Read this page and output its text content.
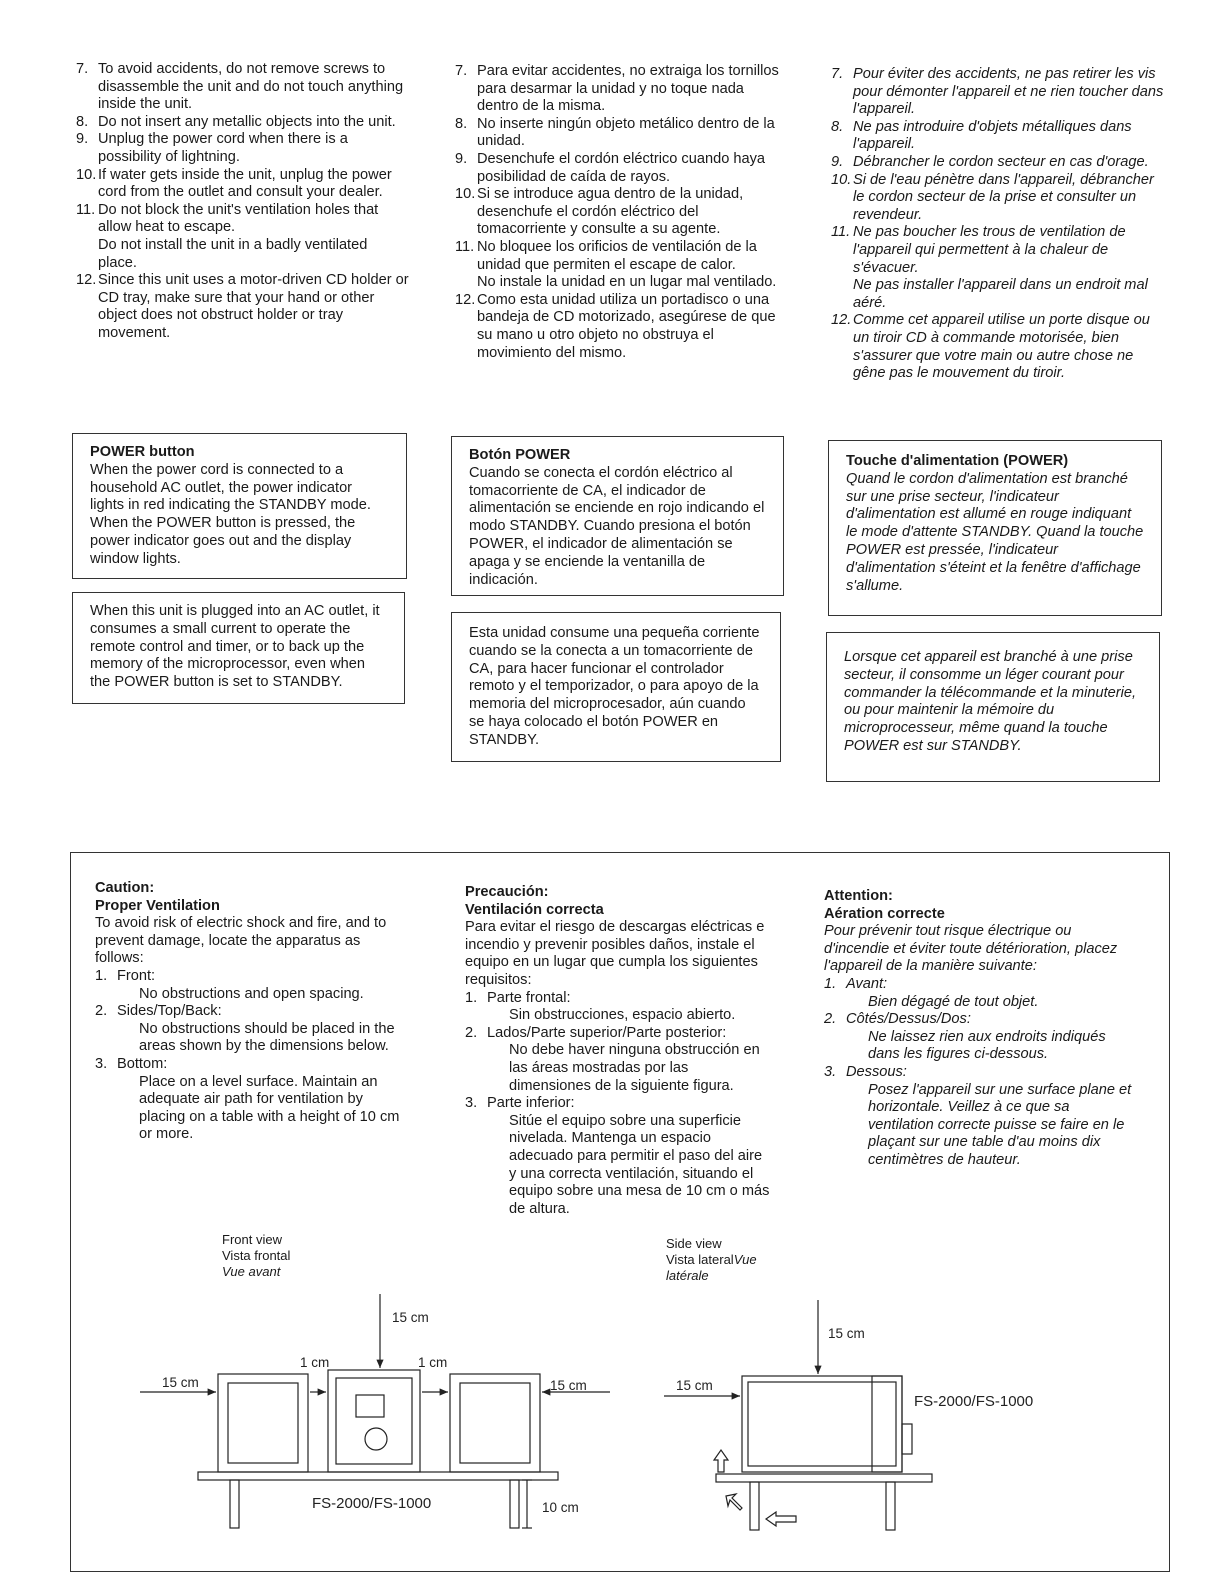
7. To avoid accidents, do not remove screws to disassemble the unit and do not touch anything inside the unit.
8. Do not insert any metallic objects into the unit.
9. Unplug the power cord when there is a possibility of lightning.
10. If water gets inside the unit, unplug the power cord from the outlet and consult your dealer.
11. Do not block the unit's ventilation holes that allow heat to escape.
Do not install the unit in a badly ventilated place.
12. Since this unit uses a motor-driven CD holder or CD tray, make sure that your hand or other object does not obstruct holder or tray movement.
7. Para evitar accidentes, no extraiga los tornillos para desarmar la unidad y no toque nada dentro de la misma.
8. No inserte ningún objeto metálico dentro de la unidad.
9. Desenchufe el cordón eléctrico cuando haya posibilidad de caída de rayos.
10. Si se introduce agua dentro de la unidad, desenchufe el cordón eléctrico del tomacorriente y consulte a su agente.
11. No bloquee los orificios de ventilación de la unidad que permiten el escape de calor.
No instale la unidad en un lugar mal ventilado.
12. Como esta unidad utiliza un portadisco o una bandeja de CD motorizado, asegúrese de que su mano u otro objeto no obstruya el movimiento del mismo.
7. Pour éviter des accidents, ne pas retirer les vis pour démonter l'appareil et ne rien toucher dans l'appareil.
8. Ne pas introduire d'objets métalliques dans l'appareil.
9. Débrancher le cordon secteur en cas d'orage.
10. Si de l'eau pénètre dans l'appareil, débrancher le cordon secteur de la prise et consulter un revendeur.
11. Ne pas boucher les trous de ventilation de l'appareil qui permettent à la chaleur de s'évacuer.
Ne pas installer l'appareil dans un endroit mal aéré.
12. Comme cet appareil utilise un porte disque ou un tiroir CD à commande motorisée, bien s'assurer que votre main ou autre chose ne gêne pas le mouvement du tiroir.
POWER button
When the power cord is connected to a household AC outlet, the power indicator lights in red indicating the STANDBY mode. When the POWER button is pressed, the power indicator goes out and the display window lights.
Botón POWER
Cuando se conecta el cordón eléctrico al tomacorriente de CA, el indicador de alimentación se enciende en rojo indicando el modo STANDBY. Cuando presiona el botón POWER, el indicador de alimentación se apaga y se enciende la ventanilla de indicación.
Touche d'alimentation (POWER)
Quand le cordon d'alimentation est branché sur une prise secteur, l'indicateur d'alimentation est allumé en rouge indiquant le mode d'attente STANDBY. Quand la touche POWER est pressée, l'indicateur d'alimentation s'éteint et la fenêtre d'affichage s'allume.
When this unit is plugged into an AC outlet, it consumes a small current to operate the remote control and timer, or to back up the memory of the microprocessor, even when the POWER button is set to STANDBY.
Esta unidad consume una pequeña corriente cuando se la conecta a un tomacorriente de CA, para hacer funcionar el controlador remoto y el temporizador, o para apoyo de la memoria del microprocesador, aún cuando se haya colocado el botón POWER en STANDBY.
Lorsque cet appareil est branché à une prise secteur, il consomme un léger courant pour commander la télécommande et la minuterie, ou pour maintenir la mémoire du microprocesseur, même quand la touche POWER est sur STANDBY.
Caution:
Proper Ventilation
To avoid risk of electric shock and fire, and to prevent damage, locate the apparatus as follows:
1. Front:
No obstructions and open spacing.
2. Sides/Top/Back:
No obstructions should be placed in the areas shown by the dimensions below.
3. Bottom:
Place on a level surface. Maintain an adequate air path for ventilation by placing on a table with a height of 10 cm or more.
Precaución:
Ventilación correcta
Para evitar el riesgo de descargas eléctricas e incendio y prevenir posibles daños, instale el equipo en un lugar que cumpla los siguientes requisitos:
1. Parte frontal:
Sin obstrucciones, espacio abierto.
2. Lados/Parte superior/Parte posterior:
No debe haver ninguna obstrucción en las áreas mostradas por las dimensiones de la siguiente figura.
3. Parte inferior:
Sitúe el equipo sobre una superficie nivelada. Mantenga un espacio adecuado para permitir el paso del aire y una correcta ventilación, situando el equipo sobre una mesa de 10 cm o más de altura.
Attention:
Aération correcte
Pour prévenir tout risque électrique ou d'incendie et éviter toute détérioration, placez l'appareil de la manière suivante:
1. Avant:
Bien dégagé de tout objet.
2. Côtés/Dessus/Dos:
Ne laissez rien aux endroits indiqués dans les figures ci-dessous.
3. Dessous:
Posez l'appareil sur une surface plane et horizontale. Veillez à ce que sa ventilation correcte puisse se faire en le plaçant sur une table d'au moins dix centimètres de hauteur.
Front view
Vista frontal
Vue avant
Side view
Vista lateralVue latérale
15 cm	15 cm
15 cm
1 cm	1 cm
10 cm
FS-2000/FS-1000
15 cm
15 cm
FS-2000/FS-1000
